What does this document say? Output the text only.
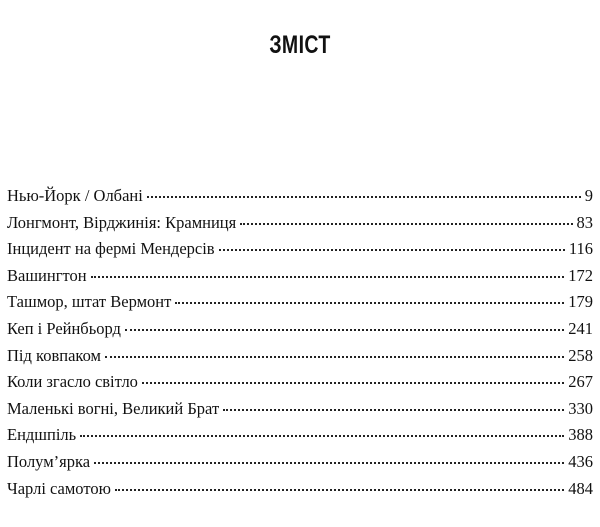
ЗМІСТ
Нью-Йорк / Олбані	9
Лонгмонт, Вірджинія: Крамниця	83
Інцидент на фермі Мендерсів	116
Вашингтон	172
Ташмор, штат Вермонт	179
Кеп і Рейнбьорд	241
Під ковпаком	258
Коли згасло світло	267
Маленькі вогні, Великий Брат	330
Ендшпіль	388
Полум’ярка	436
Чарлі самотою	484
